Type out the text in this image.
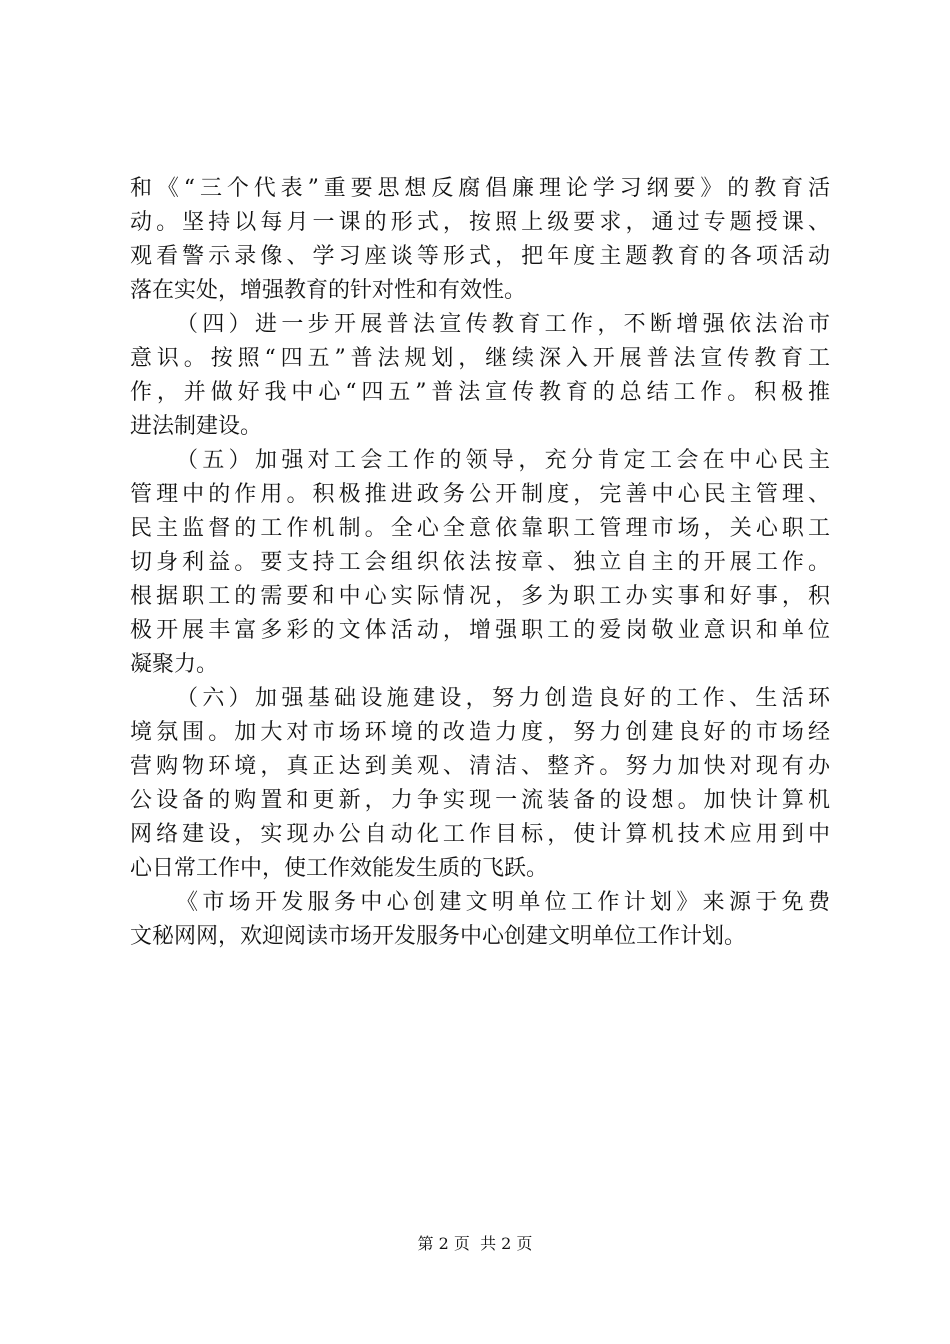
和《“三个代表”重要思想反腐倡廉理论学习纲要》的教育活
动。坚持以每月一课的形式，按照上级要求，通过专题授课、
观看警示录像、学习座谈等形式，把年度主题教育的各项活动
落在实处，增强教育的针对性和有效性。
（四）进一步开展普法宣传教育工作，不断增强依法治市
意识。按照“四五”普法规划，继续深入开展普法宣传教育工
作，并做好我中心“四五”普法宣传教育的总结工作。积极推
进法制建设。
（五）加强对工会工作的领导，充分肯定工会在中心民主
管理中的作用。积极推进政务公开制度，完善中心民主管理、
民主监督的工作机制。全心全意依靠职工管理市场，关心职工
切身利益。要支持工会组织依法按章、独立自主的开展工作。
根据职工的需要和中心实际情况，多为职工办实事和好事，积
极开展丰富多彩的文体活动，增强职工的爱岗敬业意识和单位
凝聚力。
（六）加强基础设施建设，努力创造良好的工作、生活环
境氛围。加大对市场环境的改造力度，努力创建良好的市场经
营购物环境，真正达到美观、清洁、整齐。努力加快对现有办
公设备的购置和更新，力争实现一流装备的设想。加快计算机
网络建设，实现办公自动化工作目标，使计算机技术应用到中
心日常工作中，使工作效能发生质的飞跃。
《市场开发服务中心创建文明单位工作计划》来源于免费
文秘网网，欢迎阅读市场开发服务中心创建文明单位工作计划。
第 2 页  共 2 页
